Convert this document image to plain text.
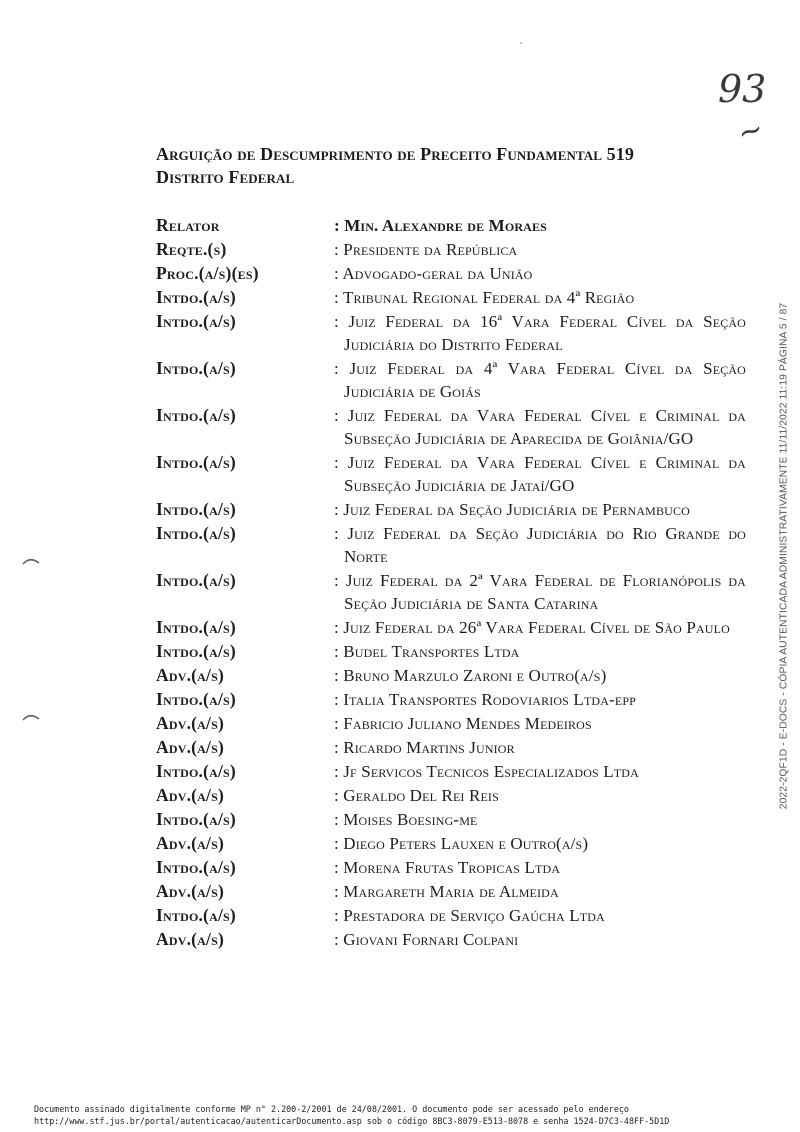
93
~
Arguição de Descumprimento de Preceito Fundamental 519
Distrito Federal
Relator	: Min. Alexandre de Moraes
Reqte.(s)	: Presidente da República
Proc.(a/s)(es)	: Advogado-geral da União
Intdo.(a/s)	: Tribunal Regional Federal da 4ª Região
Intdo.(a/s)	: Juiz Federal da 16ª Vara Federal Cível da Seção Judiciária do Distrito Federal
Intdo.(a/s)	: Juiz Federal da 4ª Vara Federal Cível da Seção Judiciária de Goiás
Intdo.(a/s)	: Juiz Federal da Vara Federal Cível e Criminal da Subseção Judiciária de Aparecida de Goiânia/GO
Intdo.(a/s)	: Juiz Federal da Vara Federal Cível e Criminal da Subseção Judiciária de Jataí/GO
Intdo.(a/s)	: Juiz Federal da Seção Judiciária de Pernambuco
Intdo.(a/s)	: Juiz Federal da Seção Judiciária do Rio Grande do Norte
Intdo.(a/s)	: Juiz Federal da 2ª Vara Federal de Florianópolis da Seção Judiciária de Santa Catarina
Intdo.(a/s)	: Juiz Federal da 26ª Vara Federal Cível de São Paulo
Intdo.(a/s)	: Budel Transportes Ltda
Adv.(a/s)	: Bruno Marzulo Zaroni e Outro(a/s)
Intdo.(a/s)	: Italia Transportes Rodoviarios Ltda-epp
Adv.(a/s)	: Fabricio Juliano Mendes Medeiros
Adv.(a/s)	: Ricardo Martins Junior
Intdo.(a/s)	: Jf Servicos Tecnicos Especializados Ltda
Adv.(a/s)	: Geraldo Del Rei Reis
Intdo.(a/s)	: Moises Boesing-me
Adv.(a/s)	: Diego Peters Lauxen e Outro(a/s)
Intdo.(a/s)	: Morena Frutas Tropicas Ltda
Adv.(a/s)	: Margareth Maria de Almeida
Intdo.(a/s)	: Prestadora de Serviço Gaúcha Ltda
Adv.(a/s)	: Giovani Fornari Colpani
2022-2QF1D - E-DOCS - CÓPIA AUTENTICADA ADMINISTRATIVAMENTE 11/11/2022 11:19 PÁGINA 5 / 87
Documento assinado digitalmente conforme MP n° 2.200-2/2001 de 24/08/2001. O documento pode ser acessado pelo endereço
http://www.stf.jus.br/portal/autenticacao/autenticarDocumento.asp sob o código 8BC3-8079-E513-8078 e senha 1524-D7C3-48FF-5D1D
